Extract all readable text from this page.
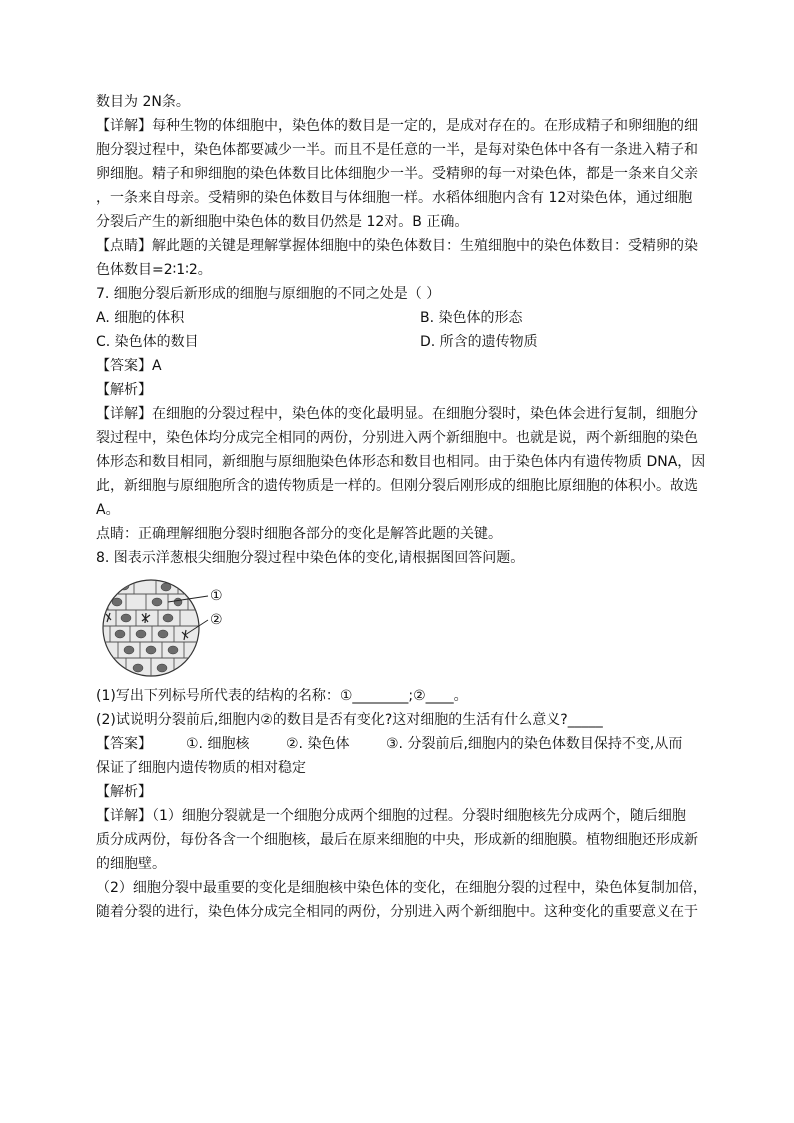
数目为 2N条。

【详解】每种生物的体细胞中，染色体的数目是一定的，是成对存在的。在形成精子和卵细胞的细

胞分裂过程中，染色体都要减少一半。而且不是任意的一半，是每对染色体中各有一条进入精子和

卵细胞。精子和卵细胞的染色体数目比体细胞少一半。受精卵的每一对染色体，都是一条来自父亲

，一条来自母亲。受精卵的染色体数目与体细胞一样。水稻体细胞内含有 12对染色体，通过细胞

分裂后产生的新细胞中染色体的数目仍然是 12对。B 正确。

【点睛】解此题的关键是理解掌握体细胞中的染色体数目：生殖细胞中的染色体数目：受精卵的染

色体数目=2∶1∶2。

7. 细胞分裂后新形成的细胞与原细胞的不同之处是（ ）

A. 细胞的体积	B. 染色体的形态
C. 染色体的数目	D. 所含的遗传物质

【答案】A

【解析】

【详解】在细胞的分裂过程中，染色体的变化最明显。在细胞分裂时，染色体会进行复制，细胞分

裂过程中，染色体均分成完全相同的两份，分别进入两个新细胞中。也就是说，两个新细胞的染色

体形态和数目相同，新细胞与原细胞染色体形态和数目也相同。由于染色体内有遗传物质 DNA，因

此，新细胞与原细胞所含的遗传物质是一样的。但刚分裂后刚形成的细胞比原细胞的体积小。故选

A。

点睛：正确理解细胞分裂时细胞各部分的变化是解答此题的关键。

8. 图表示洋葱根尖细胞分裂过程中染色体的变化,请根据图回答问题。

①
②

(1)写出下列标号所代表的结构的名称：①________;②____。

(2)试说明分裂前后,细胞内②的数目是否有变化?这对细胞的生活有什么意义?_____

【答案】 ①. 细胞核	②. 染色体	③. 分裂前后,细胞内的染色体数目保持不变,从而

保证了细胞内遗传物质的相对稳定

【解析】

【详解】（1）细胞分裂就是一个细胞分成两个细胞的过程。分裂时细胞核先分成两个，随后细胞

质分成两份，每份各含一个细胞核，最后在原来细胞的中央，形成新的细胞膜。植物细胞还形成新

的细胞壁。

（2）细胞分裂中最重要的变化是细胞核中染色体的变化，在细胞分裂的过程中，染色体复制加倍，

随着分裂的进行，染色体分成完全相同的两份，分别进入两个新细胞中。这种变化的重要意义在于
